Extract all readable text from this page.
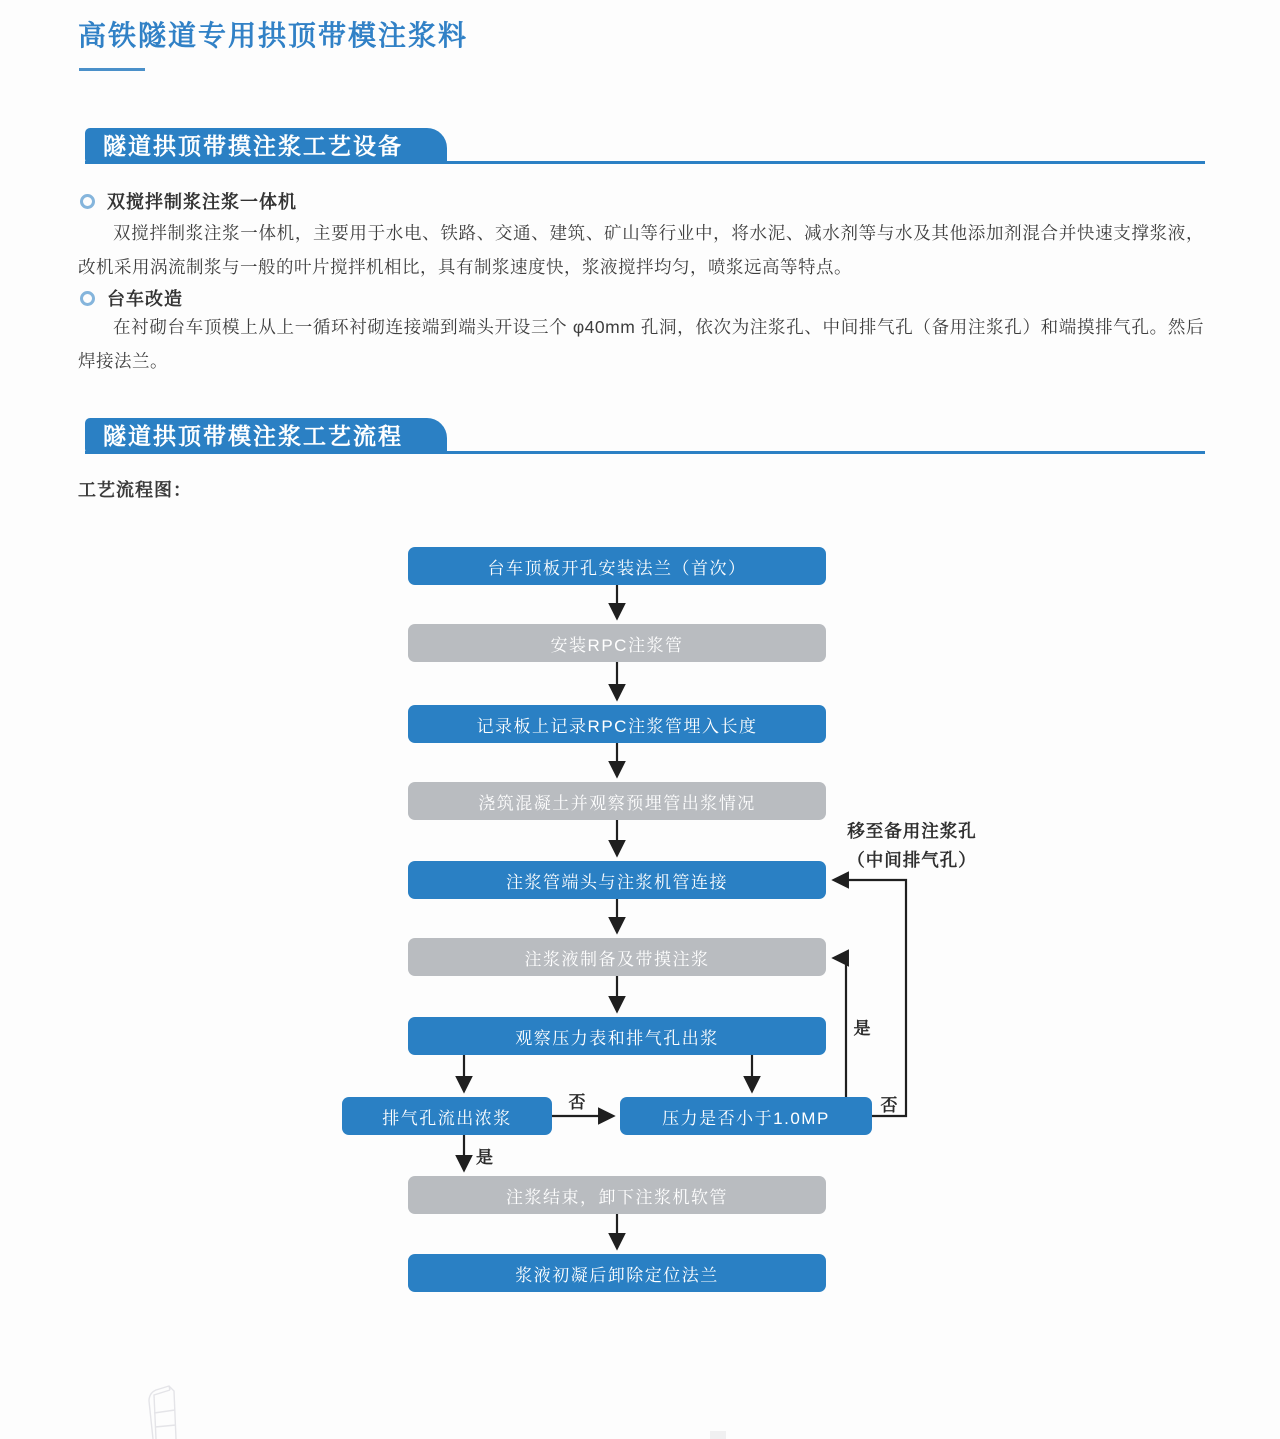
高铁隧道专用拱顶带模注浆料
隧道拱顶带摸注浆工艺设备
双搅拌制浆注浆一体机

双搅拌制浆注浆一体机，主要用于水电、铁路、交通、建筑、矿山等行业中，将水泥、减水剂等与水及其他添加剂混合并快速支撑浆液，改机采用涡流制浆与一般的叶片搅拌机相比，具有制浆速度快，浆液搅拌均匀，喷浆远高等特点。

台车改造

在衬砌台车顶模上从上一循环衬砌连接端到端头开设三个 φ40mm 孔洞，依次为注浆孔、中间排气孔（备用注浆孔）和端摸排气孔。然后焊接法兰。

隧道拱顶带模注浆工艺流程
工艺流程图：
否
是
是
否
移至备用注浆孔
（中间排气孔）
台车顶板开孔安装法兰（首次）
安装RPC注浆管
记录板上记录RPC注浆管埋入长度
浇筑混凝土并观察预埋管出浆情况
注浆管端头与注浆机管连接
注浆液制备及带摸注浆
观察压力表和排气孔出浆
排气孔流出浓浆	压力是否小于1.0MP
注浆结束，卸下注浆机软管
浆液初凝后卸除定位法兰
